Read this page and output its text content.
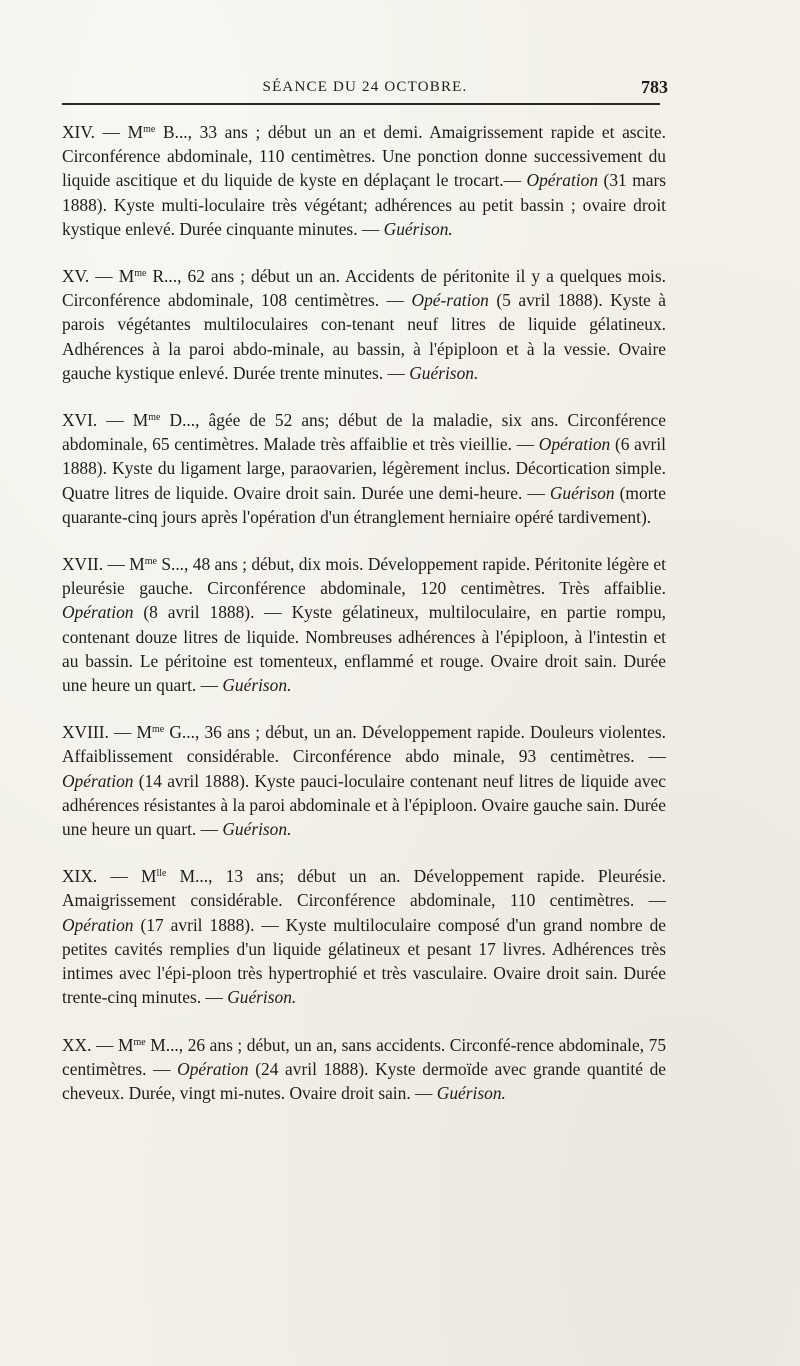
SÉANCE DU 24 OCTOBRE.	783

XIV. — $M^{me}$ B..., 33 ans ; début un an et demi. Amaigrissement rapide et ascite. Circonférence abdominale, 110 centimètres. Une ponction donne successivement du liquide ascitique et du liquide de kyste en déplaçant le trocart.— Opération (31 mars 1888). Kyste multi-loculaire très végétant; adhérences au petit bassin ; ovaire droit kystique enlevé. Durée cinquante minutes. — Guérison.

XV. — $M^{me}$ R..., 62 ans ; début un an. Accidents de péritonite il y a quelques mois. Circonférence abdominale, 108 centimètres. — Opé-ration (5 avril 1888). Kyste à parois végétantes multiloculaires con-tenant neuf litres de liquide gélatineux. Adhérences à la paroi abdo-minale, au bassin, à l'épiploon et à la vessie. Ovaire gauche kystique enlevé. Durée trente minutes. — Guérison.

XVI. — $M^{me}$ D..., âgée de 52 ans; début de la maladie, six ans. Circonférence abdominale, 65 centimètres. Malade très affaiblie et très vieillie. — Opération (6 avril 1888). Kyste du ligament large, paraovarien, légèrement inclus. Décortication simple. Quatre litres de liquide. Ovaire droit sain. Durée une demi-heure. — Guérison (morte quarante-cinq jours après l'opération d'un étranglement herniaire opéré tardivement).

XVII. — $M^{me}$ S..., 48 ans ; début, dix mois. Développement rapide. Péritonite légère et pleurésie gauche. Circonférence abdominale, 120 centimètres. Très affaiblie. Opération (8 avril 1888). — Kyste gélatineux, multiloculaire, en partie rompu, contenant douze litres de liquide. Nombreuses adhérences à l'épiploon, à l'intestin et au bassin. Le péritoine est tomenteux, enflammé et rouge. Ovaire droit sain. Durée une heure un quart. — Guérison.

XVIII. — $M^{me}$ G..., 36 ans ; début, un an. Développement rapide. Douleurs violentes. Affaiblissement considérable. Circonférence abdo minale, 93 centimètres. — Opération (14 avril 1888). Kyste pauci-loculaire contenant neuf litres de liquide avec adhérences résistantes à la paroi abdominale et à l'épiploon. Ovaire gauche sain. Durée une heure un quart. — Guérison.

XIX. — $M^{lle}$ M..., 13 ans; début un an. Développement rapide. Pleurésie. Amaigrissement considérable. Circonférence abdominale, 110 centimètres. — Opération (17 avril 1888). — Kyste multiloculaire composé d'un grand nombre de petites cavités remplies d'un liquide gélatineux et pesant 17 livres. Adhérences très intimes avec l'épi-ploon très hypertrophié et très vasculaire. Ovaire droit sain. Durée trente-cinq minutes. — Guérison.

XX. — $M^{me}$ M..., 26 ans ; début, un an, sans accidents. Circonfé-rence abdominale, 75 centimètres. — Opération (24 avril 1888). Kyste dermoïde avec grande quantité de cheveux. Durée, vingt mi-nutes. Ovaire droit sain. — Guérison.
